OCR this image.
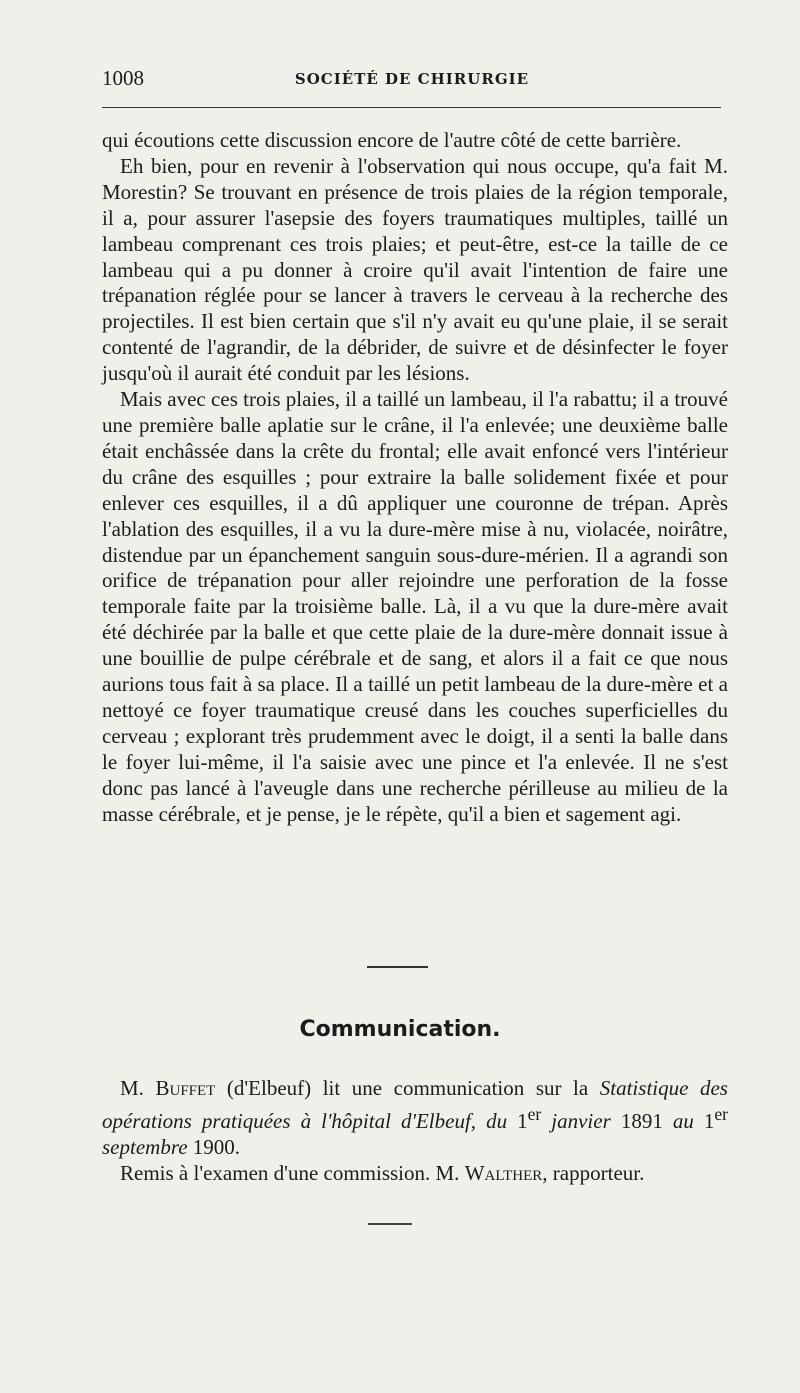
1008	SOCIÉTÉ DE CHIRURGIE

qui écoutions cette discussion encore de l'autre côté de cette barrière.

Eh bien, pour en revenir à l'observation qui nous occupe, qu'a fait M. Morestin? Se trouvant en présence de trois plaies de la région temporale, il a, pour assurer l'asepsie des foyers traumatiques multiples, taillé un lambeau comprenant ces trois plaies; et peut-être, est-ce la taille de ce lambeau qui a pu donner à croire qu'il avait l'intention de faire une trépanation réglée pour se lancer à travers le cerveau à la recherche des projectiles. Il est bien certain que s'il n'y avait eu qu'une plaie, il se serait contenté de l'agrandir, de la débrider, de suivre et de désinfecter le foyer jusqu'où il aurait été conduit par les lésions.

Mais avec ces trois plaies, il a taillé un lambeau, il l'a rabattu; il a trouvé une première balle aplatie sur le crâne, il l'a enlevée; une deuxième balle était enchâssée dans la crête du frontal; elle avait enfoncé vers l'intérieur du crâne des esquilles ; pour extraire la balle solidement fixée et pour enlever ces esquilles, il a dû appliquer une couronne de trépan. Après l'ablation des esquilles, il a vu la dure-mère mise à nu, violacée, noirâtre, distendue par un épanchement sanguin sous-dure-mérien. Il a agrandi son orifice de trépanation pour aller rejoindre une perforation de la fosse temporale faite par la troisième balle. Là, il a vu que la dure-mère avait été déchirée par la balle et que cette plaie de la dure-mère donnait issue à une bouillie de pulpe cérébrale et de sang, et alors il a fait ce que nous aurions tous fait à sa place. Il a taillé un petit lambeau de la dure-mère et a nettoyé ce foyer traumatique creusé dans les couches superficielles du cerveau ; explorant très prudemment avec le doigt, il a senti la balle dans le foyer lui-même, il l'a saisie avec une pince et l'a enlevée. Il ne s'est donc pas lancé à l'aveugle dans une recherche périlleuse au milieu de la masse cérébrale, et je pense, je le répète, qu'il a bien et sagement agi.

Communication.

M. Buffet (d'Elbeuf) lit une communication sur la Statistique des opérations pratiquées à l'hôpital d'Elbeuf, du 1er janvier 1891 au 1er septembre 1900.

Remis à l'examen d'une commission. M. Walther, rapporteur.
